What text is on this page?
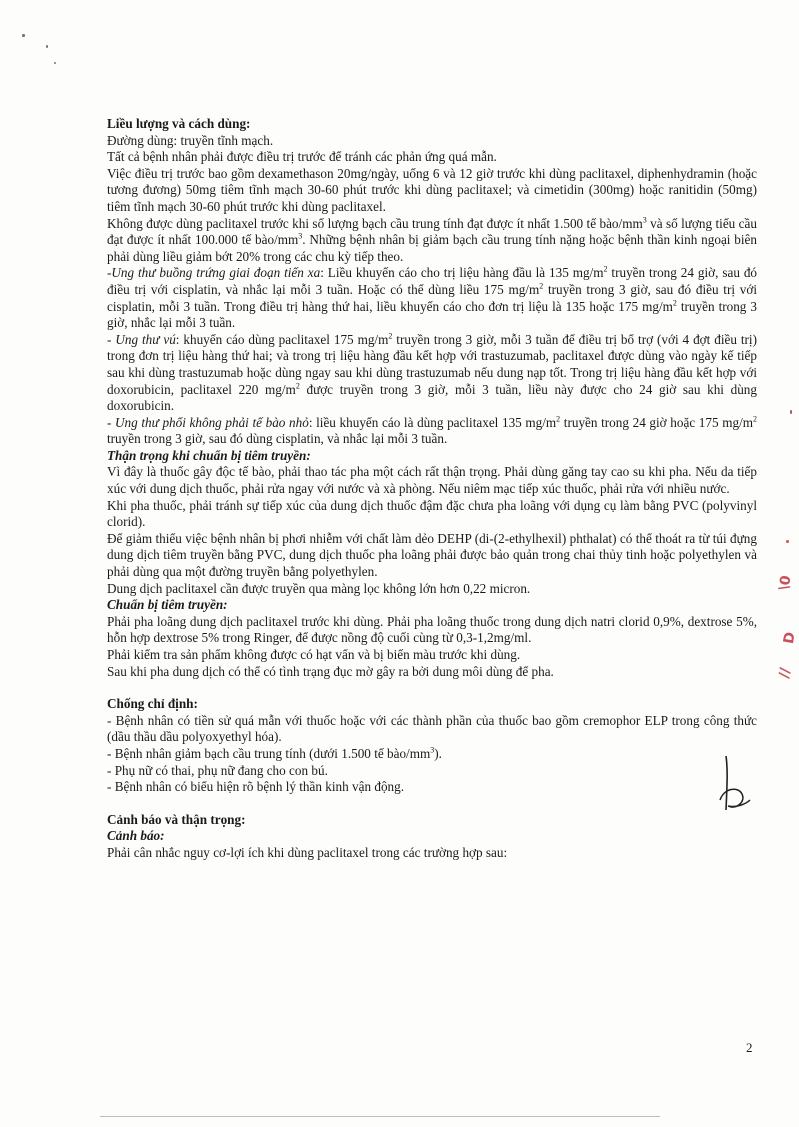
Liều lượng và cách dùng:

Đường dùng: truyền tĩnh mạch.

Tất cả bệnh nhân phải được điều trị trước để tránh các phản ứng quá mẫn.

Việc điều trị trước bao gồm dexamethason 20mg/ngày, uống 6 và 12 giờ trước khi dùng paclitaxel, diphenhydramin (hoặc tương đương) 50mg tiêm tĩnh mạch 30-60 phút trước khi dùng paclitaxel; và cimetidin (300mg) hoặc ranitidin (50mg) tiêm tĩnh mạch 30-60 phút trước khi dùng paclitaxel.

Không được dùng paclitaxel trước khi số lượng bạch cầu trung tính đạt được ít nhất 1.500 tế bào/$mm^3$ và số lượng tiểu cầu đạt được ít nhất 100.000 tế bào/$mm^3$. Những bệnh nhân bị giảm bạch cầu trung tính nặng hoặc bệnh thần kinh ngoại biên phải dùng liều giảm bớt 20% trong các chu kỳ tiếp theo.

-Ung thư buồng trứng giai đoạn tiến xa: Liều khuyến cáo cho trị liệu hàng đầu là 135 $mg/m^2$ truyền trong 24 giờ, sau đó điều trị với cisplatin, và nhắc lại mỗi 3 tuần. Hoặc có thể dùng liều 175 $mg/m^2$ truyền trong 3 giờ, sau đó điều trị với cisplatin, mỗi 3 tuần. Trong điều trị hàng thứ hai, liều khuyến cáo cho đơn trị liệu là 135 hoặc 175 $mg/m^2$ truyền trong 3 giờ, nhắc lại mỗi 3 tuần.

- Ung thư vú: khuyến cáo dùng paclitaxel 175 $mg/m^2$ truyền trong 3 giờ, mỗi 3 tuần để điều trị bổ trợ (với 4 đợt điều trị) trong đơn trị liệu hàng thứ hai; và trong trị liệu hàng đầu kết hợp với trastuzumab, paclitaxel được dùng vào ngày kế tiếp sau khi dùng trastuzumab hoặc dùng ngay sau khi dùng trastuzumab nếu dung nạp tốt. Trong trị liệu hàng đầu kết hợp với doxorubicin, paclitaxel 220 $mg/m^2$ được truyền trong 3 giờ, mỗi 3 tuần, liều này được cho 24 giờ sau khi dùng doxorubicin.

- Ung thư phổi không phải tế bào nhỏ: liều khuyến cáo là dùng paclitaxel 135 $mg/m^2$ truyền trong 24 giờ hoặc 175 $mg/m^2$ truyền trong 3 giờ, sau đó dùng cisplatin, và nhắc lại mỗi 3 tuần.

Thận trọng khi chuẩn bị tiêm truyền:

Vì đây là thuốc gây độc tế bào, phải thao tác pha một cách rất thận trọng. Phải dùng găng tay cao su khi pha. Nếu da tiếp xúc với dung dịch thuốc, phải rửa ngay với nước và xà phòng. Nếu niêm mạc tiếp xúc thuốc, phải rửa với nhiều nước.

Khi pha thuốc, phải tránh sự tiếp xúc của dung dịch thuốc đậm đặc chưa pha loãng với dụng cụ làm bằng PVC (polyvinyl clorid).

Để giảm thiểu việc bệnh nhân bị phơi nhiễm với chất làm dẻo DEHP (di-(2-ethylhexil) phthalat) có thể thoát ra từ túi đựng dung dịch tiêm truyền bằng PVC, dung dịch thuốc pha loãng phải được bảo quản trong chai thủy tinh hoặc polyethylen và phải dùng qua một đường truyền bằng polyethylen.

Dung dịch paclitaxel cần được truyền qua màng lọc không lớn hơn 0,22 micron.

Chuẩn bị tiêm truyền:

Phải pha loãng dung dịch paclitaxel trước khi dùng. Phải pha loãng thuốc trong dung dịch natri clorid 0,9%, dextrose 5%, hỗn hợp dextrose 5% trong Ringer, để được nồng độ cuối cùng từ 0,3-1,2mg/ml.

Phải kiểm tra sản phẩm không được có hạt vẩn và bị biến màu trước khi dùng.

Sau khi pha dung dịch có thể có tình trạng đục mờ gây ra bởi dung môi dùng để pha.

Chống chỉ định:

- Bệnh nhân có tiền sử quá mẫn với thuốc hoặc với các thành phần của thuốc bao gồm cremophor ELP trong công thức (dầu thầu dầu polyoxyethyl hóa).

- Bệnh nhân giảm bạch cầu trung tính (dưới 1.500 tế bào/$mm^3$).

- Phụ nữ có thai, phụ nữ đang cho con bú.

- Bệnh nhân có biểu hiện rõ bệnh lý thần kinh vận động.

Cảnh báo và thận trọng:

Cảnh báo:

Phải cân nhắc nguy cơ-lợi ích khi dùng paclitaxel trong các trường hợp sau:

\0
D
//
2
